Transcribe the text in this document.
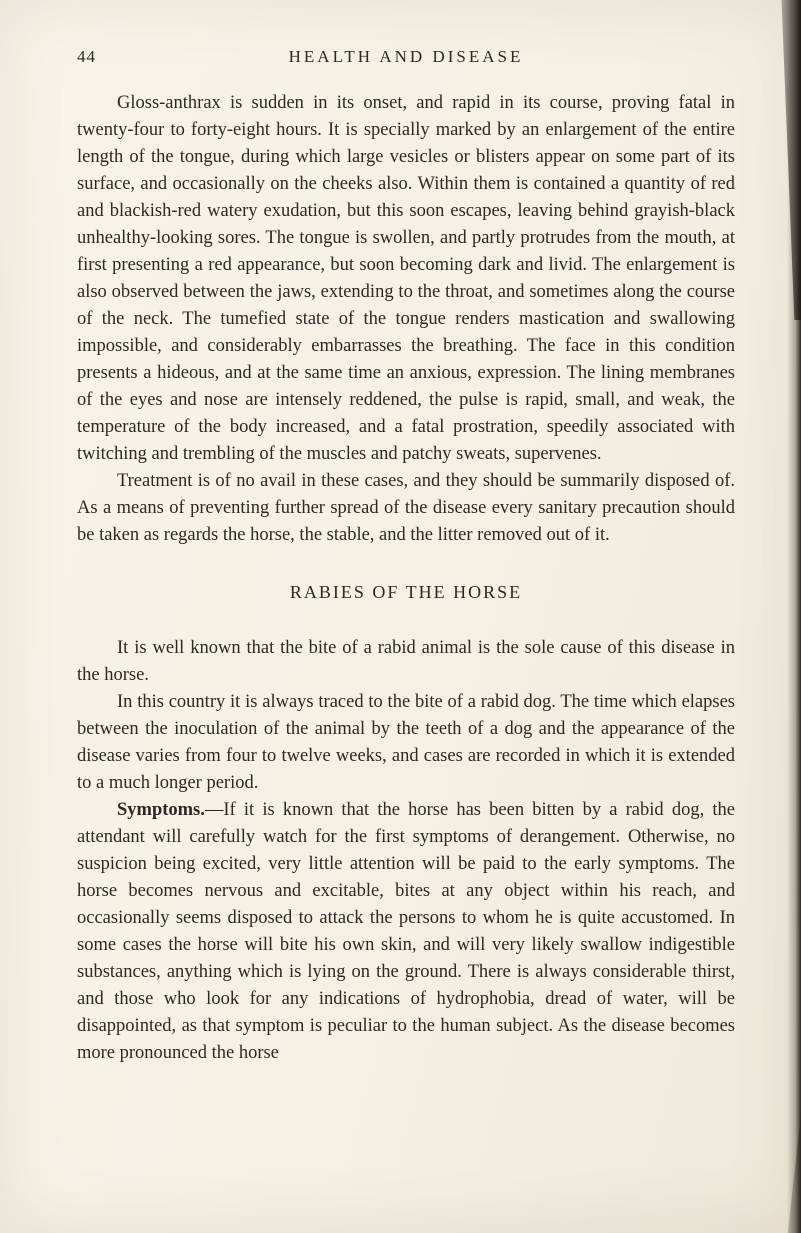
44	HEALTH AND DISEASE

Gloss-anthrax is sudden in its onset, and rapid in its course, proving fatal in twenty-four to forty-eight hours. It is specially marked by an enlargement of the entire length of the tongue, during which large vesicles or blisters appear on some part of its surface, and occasionally on the cheeks also. Within them is contained a quantity of red and blackish-red watery exudation, but this soon escapes, leaving behind grayish-black unhealthy-looking sores. The tongue is swollen, and partly protrudes from the mouth, at first presenting a red appearance, but soon becoming dark and livid. The enlargement is also observed between the jaws, extending to the throat, and sometimes along the course of the neck. The tumefied state of the tongue renders mastication and swallowing impossible, and considerably embarrasses the breathing. The face in this condition presents a hideous, and at the same time an anxious, expression. The lining membranes of the eyes and nose are intensely reddened, the pulse is rapid, small, and weak, the temperature of the body increased, and a fatal prostration, speedily associated with twitching and trembling of the muscles and patchy sweats, supervenes.

Treatment is of no avail in these cases, and they should be summarily disposed of. As a means of preventing further spread of the disease every sanitary precaution should be taken as regards the horse, the stable, and the litter removed out of it.

RABIES OF THE HORSE

It is well known that the bite of a rabid animal is the sole cause of this disease in the horse.

In this country it is always traced to the bite of a rabid dog. The time which elapses between the inoculation of the animal by the teeth of a dog and the appearance of the disease varies from four to twelve weeks, and cases are recorded in which it is extended to a much longer period.

Symptoms.—If it is known that the horse has been bitten by a rabid dog, the attendant will carefully watch for the first symptoms of derangement. Otherwise, no suspicion being excited, very little attention will be paid to the early symptoms. The horse becomes nervous and excitable, bites at any object within his reach, and occasionally seems disposed to attack the persons to whom he is quite accustomed. In some cases the horse will bite his own skin, and will very likely swallow indigestible substances, anything which is lying on the ground. There is always considerable thirst, and those who look for any indications of hydrophobia, dread of water, will be disappointed, as that symptom is peculiar to the human subject. As the disease becomes more pronounced the horse
